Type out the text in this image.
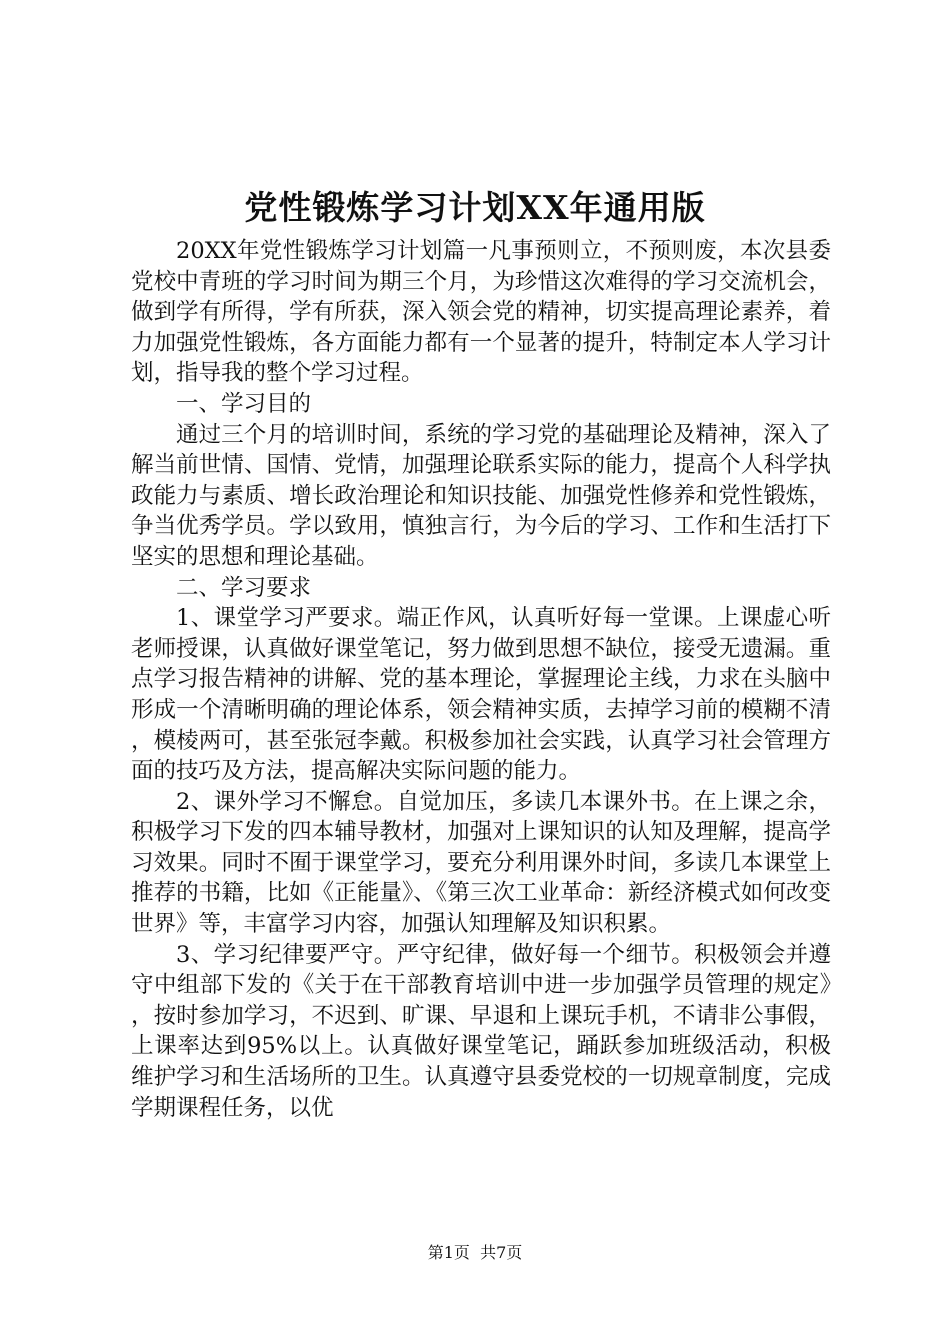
党性锻炼学习计划XX年通用版

20XX年党性锻炼学习计划篇一凡事预则立，不预则废，本次县委党校中青班的学习时间为期三个月，为珍惜这次难得的学习交流机会，做到学有所得，学有所获，深入领会党的精神，切实提高理论素养，着力加强党性锻炼，各方面能力都有一个显著的提升，特制定本人学习计划，指导我的整个学习过程。

一、学习目的

通过三个月的培训时间，系统的学习党的基础理论及精神，深入了解当前世情、国情、党情，加强理论联系实际的能力，提高个人科学执政能力与素质、增长政治理论和知识技能、加强党性修养和党性锻炼，争当优秀学员。学以致用，慎独言行，为今后的学习、工作和生活打下坚实的思想和理论基础。

二、学习要求

1、课堂学习严要求。端正作风，认真听好每一堂课。上课虚心听老师授课，认真做好课堂笔记，努力做到思想不缺位，接受无遗漏。重点学习报告精神的讲解、党的基本理论，掌握理论主线，力求在头脑中形成一个清晰明确的理论体系，领会精神实质，去掉学习前的模糊不清，模棱两可，甚至张冠李戴。积极参加社会实践，认真学习社会管理方面的技巧及方法，提高解决实际问题的能力。

2、课外学习不懈怠。自觉加压，多读几本课外书。在上课之余，积极学习下发的四本辅导教材，加强对上课知识的认知及理解，提高学习效果。同时不囿于课堂学习，要充分利用课外时间，多读几本课堂上推荐的书籍，比如《正能量》、《第三次工业革命：新经济模式如何改变世界》等，丰富学习内容，加强认知理解及知识积累。

3、学习纪律要严守。严守纪律，做好每一个细节。积极领会并遵守中组部下发的《关于在干部教育培训中进一步加强学员管理的规定》，按时参加学习，不迟到、旷课、早退和上课玩手机，不请非公事假，上课率达到95%以上。认真做好课堂笔记，踊跃参加班级活动，积极维护学习和生活场所的卫生。认真遵守县委党校的一切规章制度，完成学期课程任务，以优

第1页  共7页
